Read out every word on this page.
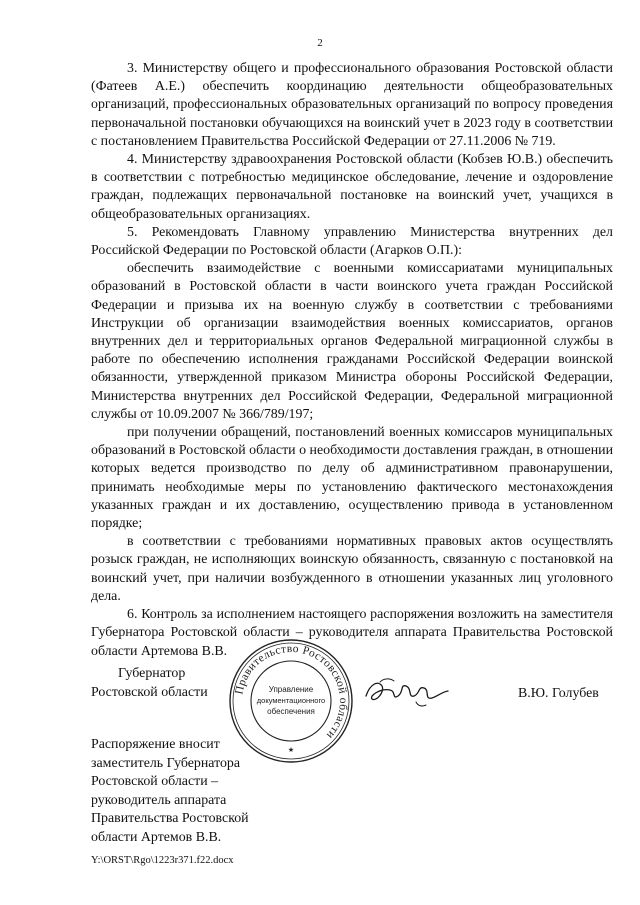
2

3. Министерству общего и профессионального образования Ростовской области (Фатеев А.Е.) обеспечить координацию деятельности общеобразовательных организаций, профессиональных образовательных организаций по вопросу проведения первоначальной постановки обучающихся на воинский учет в 2023 году в соответствии с постановлением Правительства Российской Федерации от 27.11.2006 № 719.

4. Министерству здравоохранения Ростовской области (Кобзев Ю.В.) обеспечить в соответствии с потребностью медицинское обследование, лечение и оздоровление граждан, подлежащих первоначальной постановке на воинский учет, учащихся в общеобразовательных организациях.

5. Рекомендовать Главному управлению Министерства внутренних дел Российской Федерации по Ростовской области (Агарков О.П.):

обеспечить взаимодействие с военными комиссариатами муниципальных образований в Ростовской области в части воинского учета граждан Российской Федерации и призыва их на военную службу в соответствии с требованиями Инструкции об организации взаимодействия военных комиссариатов, органов внутренних дел и территориальных органов Федеральной миграционной службы в работе по обеспечению исполнения гражданами Российской Федерации воинской обязанности, утвержденной приказом Министра обороны Российской Федерации, Министерства внутренних дел Российской Федерации, Федеральной миграционной службы от 10.09.2007 № 366/789/197;

при получении обращений, постановлений военных комиссаров муниципальных образований в Ростовской области о необходимости доставления граждан, в отношении которых ведется производство по делу об административном правонарушении, принимать необходимые меры по установлению фактического местонахождения указанных граждан и их доставлению, осуществлению привода в установленном порядке;

в соответствии с требованиями нормативных правовых актов осуществлять розыск граждан, не исполняющих воинскую обязанность, связанную с постановкой на воинский учет, при наличии возбужденного в отношении указанных лиц уголовного дела.

6. Контроль за исполнением настоящего распоряжения возложить на заместителя Губернатора Ростовской области – руководителя аппарата Правительства Ростовской области Артемова В.В.

Губернатор
Ростовской области Правительство Ростовской области
Управление
документационного
обеспечения
★
В.Ю. Голубев
Распоряжение вносит
заместитель Губернатора
Ростовской области –
руководитель аппарата
Правительства Ростовской
области Артемов В.В.
Y:\ORST\Rgo\1223r371.f22.docx
